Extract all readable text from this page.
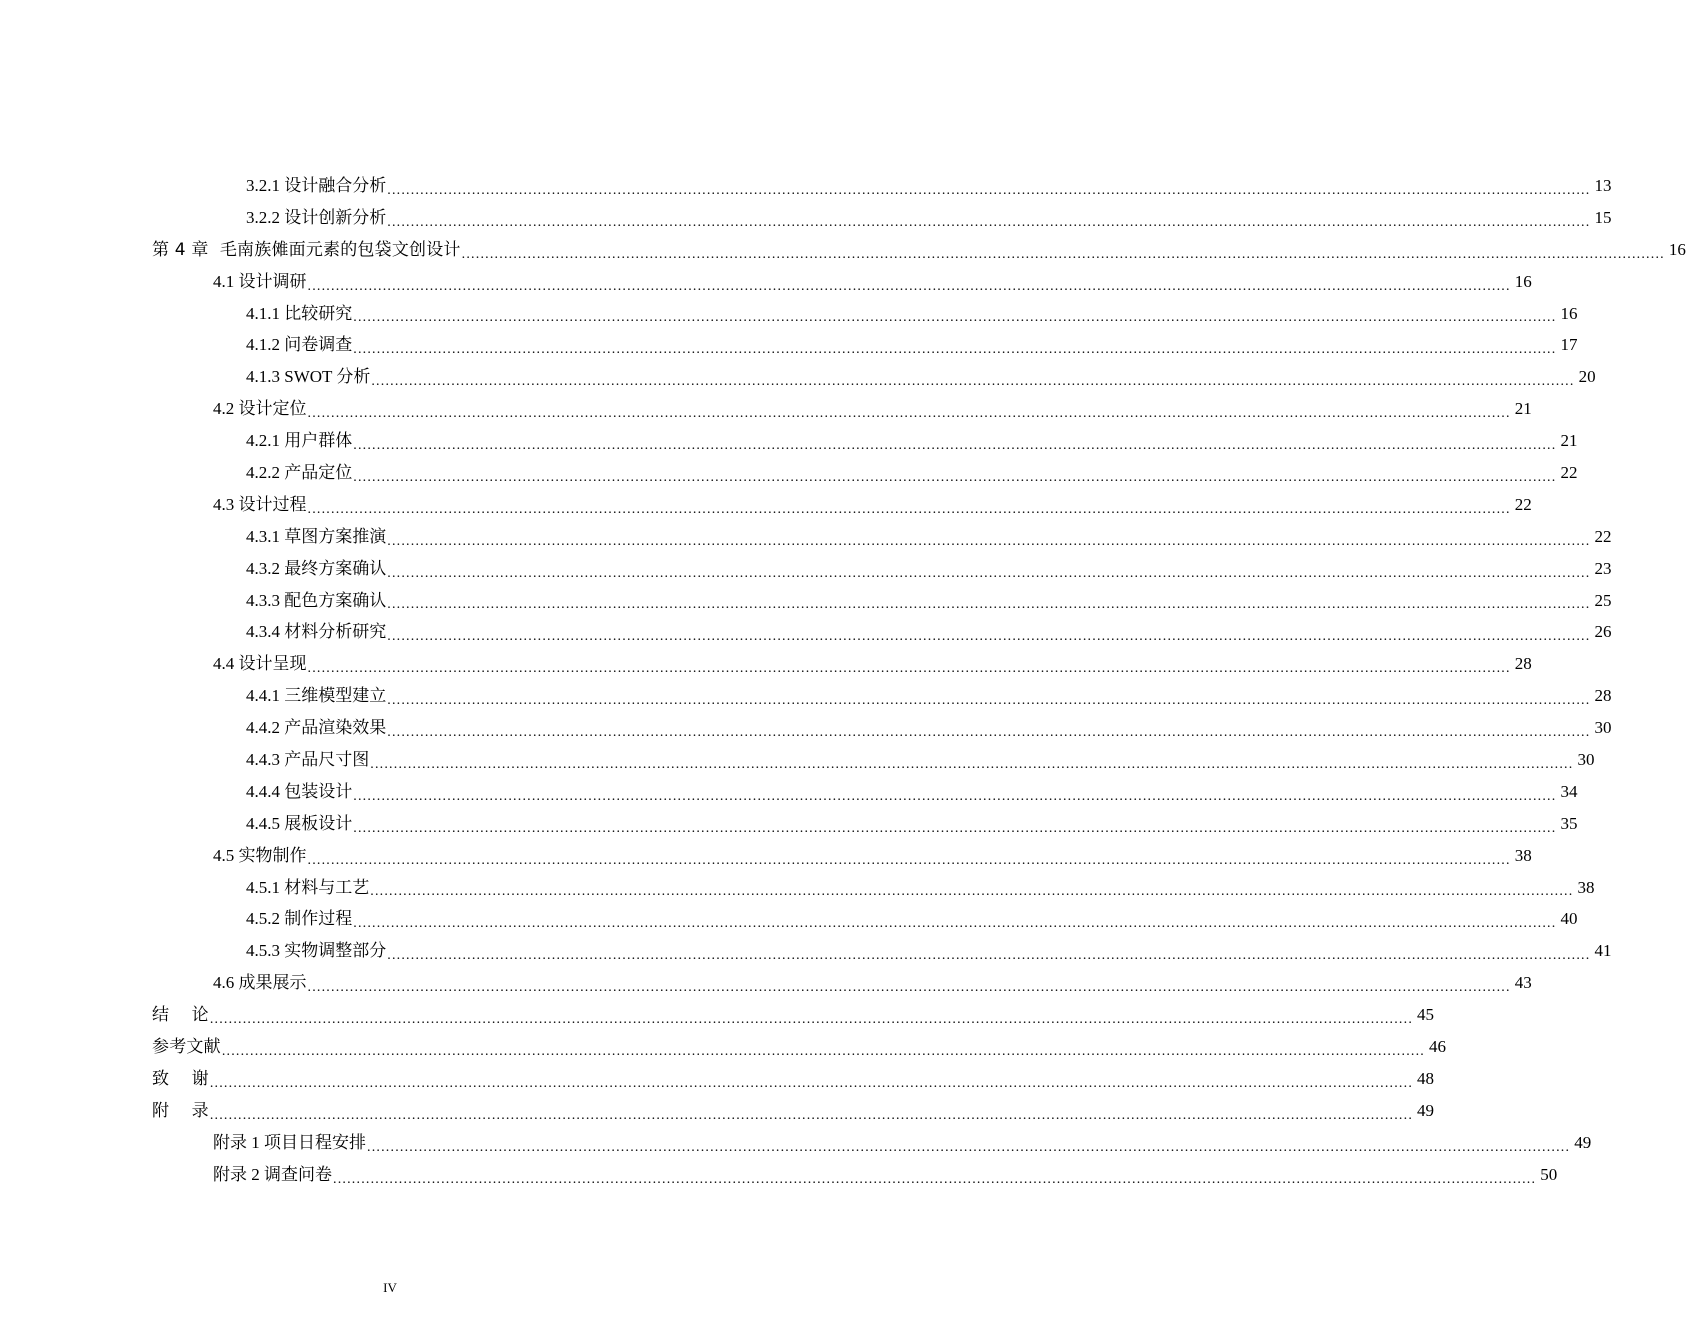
3.2.1 设计融合分析 .....	13
3.2.2 设计创新分析 .....	15
第 4 章  毛南族傩面元素的包袋文创设计 .....	16
4.1 设计调研 .....	16
4.1.1 比较研究 .....	16
4.1.2 问卷调查 .....	17
4.1.3 SWOT 分析 .....	20
4.2 设计定位 .....	21
4.2.1 用户群体 .....	21
4.2.2 产品定位 .....	22
4.3 设计过程 .....	22
4.3.1 草图方案推演 .....	22
4.3.2 最终方案确认 .....	23
4.3.3 配色方案确认 .....	25
4.3.4 材料分析研究 .....	26
4.4 设计呈现 .....	28
4.4.1 三维模型建立 .....	28
4.4.2 产品渲染效果 .....	30
4.4.3 产品尺寸图 .....	30
4.4.4 包装设计 .....	34
4.4.5 展板设计 .....	35
4.5 实物制作 .....	38
4.5.1 材料与工艺 .....	38
4.5.2 制作过程 .....	40
4.5.3 实物调整部分 .....	41
4.6 成果展示 .....	43
结    论 .....	45
参考文献 .....	46
致    谢 .....	48
附    录 .....	49
附录 1 项目日程安排 .....	49
附录 2 调查问卷 .....	50
IV
